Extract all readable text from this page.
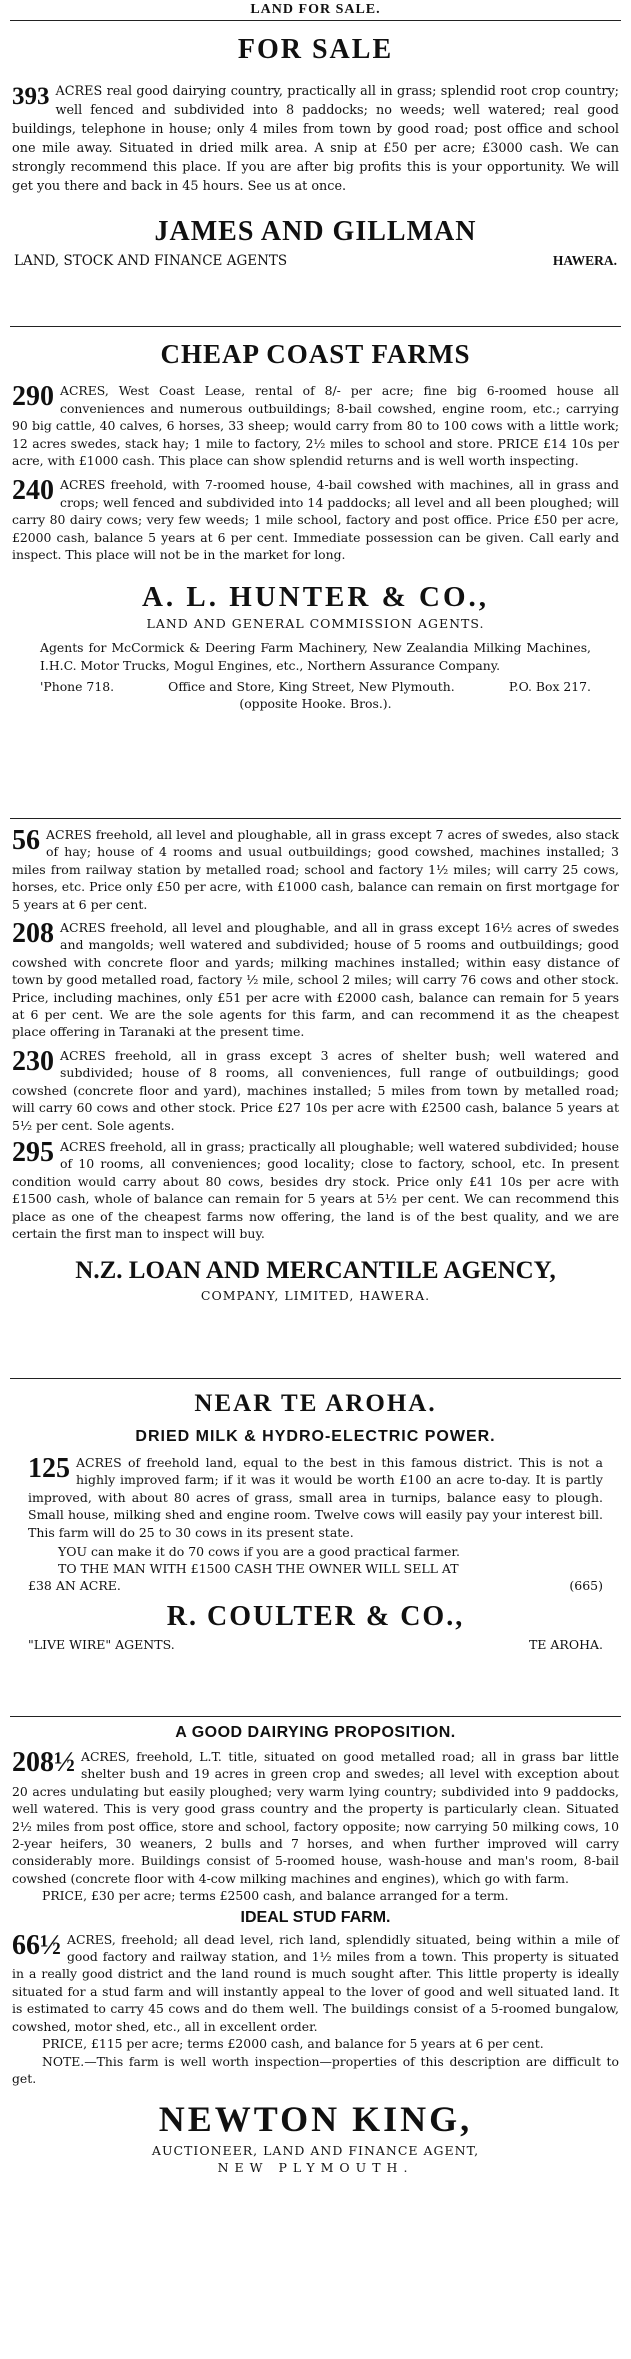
LAND FOR SALE.
FOR SALE
393 ACRES real good dairying country, practically all in grass; splendid root crop country; well fenced and subdivided into 8 paddocks; no weeds; well watered; real good buildings, telephone in house; only 4 miles from town by good road; post office and school one mile away. Situated in dried milk area. A snip at £50 per acre; £3000 cash. We can strongly recommend this place. If you are after big profits this is your opportunity. We will get you there and back in 45 hours. See us at once.
JAMES AND GILLMAN
LAND, STOCK AND FINANCE AGENTS	HAWERA.
CHEAP COAST FARMS
290 ACRES, West Coast Lease, rental of 8/- per acre; fine big 6-roomed house all conveniences and numerous outbuildings; 8-bail cowshed, engine room, etc.; carrying 90 big cattle, 40 calves, 6 horses, 33 sheep; would carry from 80 to 100 cows with a little work; 12 acres swedes, stack hay; 1 mile to factory, 2½ miles to school and store. PRICE £14 10s per acre, with £1000 cash. This place can show splendid returns and is well worth inspecting.
240 ACRES freehold, with 7-roomed house, 4-bail cowshed with machines, all in grass and crops; well fenced and subdivided into 14 paddocks; all level and all been ploughed; will carry 80 dairy cows; very few weeds; 1 mile school, factory and post office. Price £50 per acre, £2000 cash, balance 5 years at 6 per cent. Immediate possession can be given. Call early and inspect. This place will not be in the market for long.
A. L. HUNTER & CO.,
LAND AND GENERAL COMMISSION AGENTS.
Agents for McCormick & Deering Farm Machinery, New Zealandia Milking Machines, I.H.C. Motor Trucks, Mogul Engines, etc., Northern Assurance Company.
'Phone 718.	Office and Store, King Street, New Plymouth.	P.O. Box 217.
(opposite Hooke. Bros.).
56 ACRES freehold, all level and ploughable, all in grass except 7 acres of swedes, also stack of hay; house of 4 rooms and usual outbuildings; good cowshed, machines installed; 3 miles from railway station by metalled road; school and factory 1½ miles; will carry 25 cows, horses, etc. Price only £50 per acre, with £1000 cash, balance can remain on first mortgage for 5 years at 6 per cent.
208 ACRES freehold, all level and ploughable, and all in grass except 16½ acres of swedes and mangolds; well watered and subdivided; house of 5 rooms and outbuildings; good cowshed with concrete floor and yards; milking machines installed; within easy distance of town by good metalled road, factory ½ mile, school 2 miles; will carry 76 cows and other stock. Price, including machines, only £51 per acre with £2000 cash, balance can remain for 5 years at 6 per cent. We are the sole agents for this farm, and can recommend it as the cheapest place offering in Taranaki at the present time.
230 ACRES freehold, all in grass except 3 acres of shelter bush; well watered and subdivided; house of 8 rooms, all conveniences, full range of outbuildings; good cowshed (concrete floor and yard), machines installed; 5 miles from town by metalled road; will carry 60 cows and other stock. Price £27 10s per acre with £2500 cash, balance 5 years at 5½ per cent. Sole agents.
295 ACRES freehold, all in grass; practically all ploughable; well watered subdivided; house of 10 rooms, all conveniences; good locality; close to factory, school, etc. In present condition would carry about 80 cows, besides dry stock. Price only £41 10s per acre with £1500 cash, whole of balance can remain for 5 years at 5½ per cent. We can recommend this place as one of the cheapest farms now offering, the land is of the best quality, and we are certain the first man to inspect will buy.
N.Z. LOAN AND MERCANTILE AGENCY,
COMPANY, LIMITED, HAWERA.
NEAR TE AROHA.
DRIED MILK & HYDRO-ELECTRIC POWER.
125 ACRES of freehold land, equal to the best in this famous district. This is not a highly improved farm; if it was it would be worth £100 an acre to-day. It is partly improved, with about 80 acres of grass, small area in turnips, balance easy to plough. Small house, milking shed and engine room. Twelve cows will easily pay your interest bill. This farm will do 25 to 30 cows in its present state.
YOU can make it do 70 cows if you are a good practical farmer.
TO THE MAN WITH £1500 CASH THE OWNER WILL SELL AT
£38 AN ACRE.	(665)
R. COULTER & CO.,
"LIVE WIRE" AGENTS.	TE AROHA.
A GOOD DAIRYING PROPOSITION.
208½ ACRES, freehold, L.T. title, situated on good metalled road; all in grass bar little shelter bush and 19 acres in green crop and swedes; all level with exception about 20 acres undulating but easily ploughed; very warm lying country; subdivided into 9 paddocks, well watered. This is very good grass country and the property is particularly clean. Situated 2½ miles from post office, store and school, factory opposite; now carrying 50 milking cows, 10 2-year heifers, 30 weaners, 2 bulls and 7 horses, and when further improved will carry considerably more. Buildings consist of 5-roomed house, wash-house and man's room, 8-bail cowshed (concrete floor with 4-cow milking machines and engines), which go with farm.
PRICE, £30 per acre; terms £2500 cash, and balance arranged for a term.
IDEAL STUD FARM.
66½ ACRES, freehold; all dead level, rich land, splendidly situated, being within a mile of good factory and railway station, and 1½ miles from a town. This property is situated in a really good district and the land round is much sought after. This little property is ideally situated for a stud farm and will instantly appeal to the lover of good and well situated land. It is estimated to carry 45 cows and do them well. The buildings consist of a 5-roomed bungalow, cowshed, motor shed, etc., all in excellent order.
PRICE, £115 per acre; terms £2000 cash, and balance for 5 years at 6 per cent.
NOTE.—This farm is well worth inspection—properties of this description are difficult to get.
NEWTON KING,
AUCTIONEER, LAND AND FINANCE AGENT,
NEW PLYMOUTH.
